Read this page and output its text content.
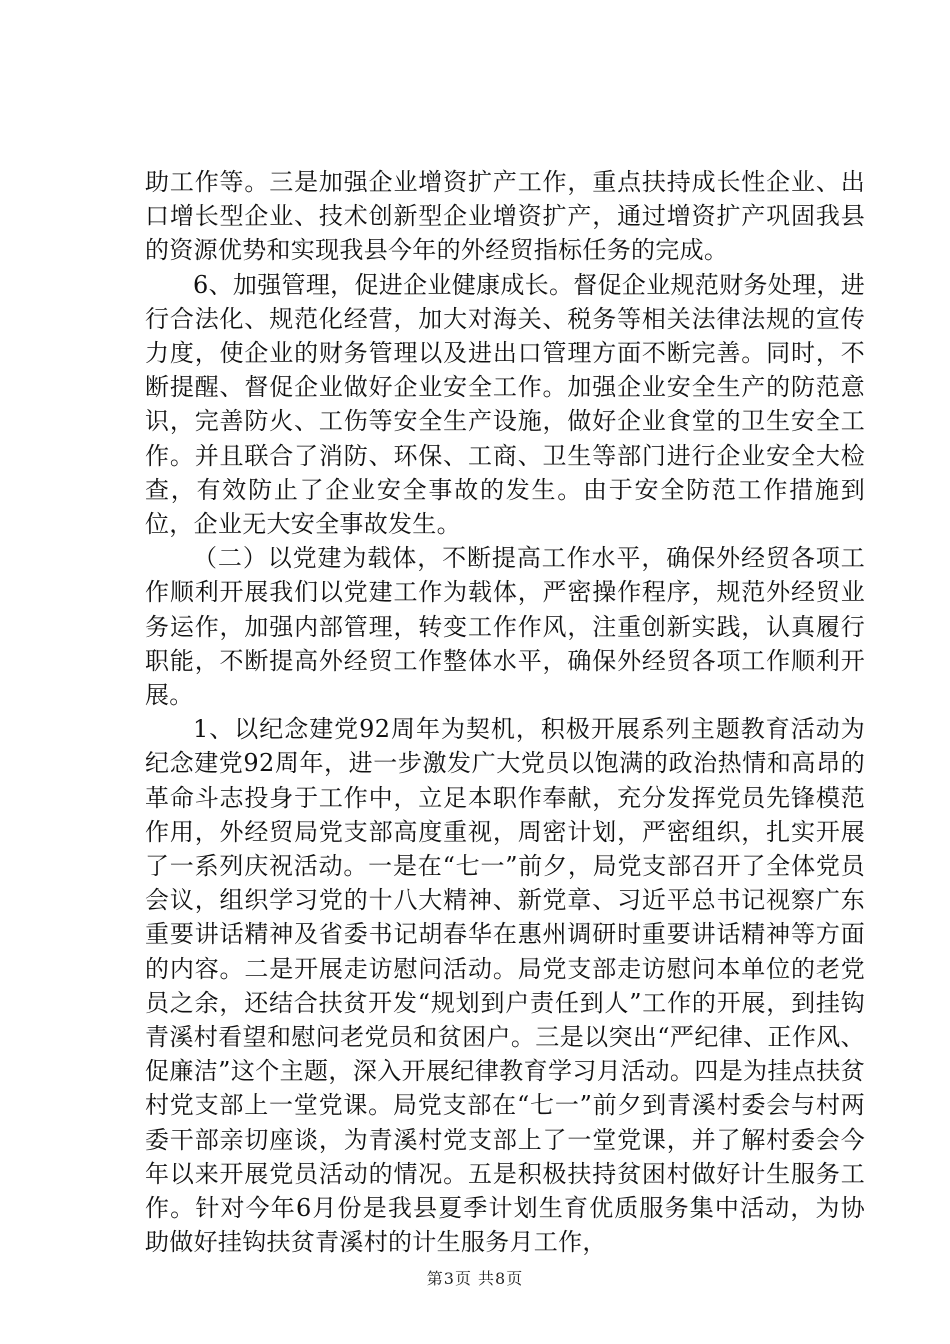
助工作等。三是加强企业增资扩产工作，重点扶持成长性企业、出口增长型企业、技术创新型企业增资扩产，通过增资扩产巩固我县的资源优势和实现我县今年的外经贸指标任务的完成。

6、加强管理，促进企业健康成长。督促企业规范财务处理，进行合法化、规范化经营，加大对海关、税务等相关法律法规的宣传力度，使企业的财务管理以及进出口管理方面不断完善。同时，不断提醒、督促企业做好企业安全工作。加强企业安全生产的防范意识，完善防火、工伤等安全生产设施，做好企业食堂的卫生安全工作。并且联合了消防、环保、工商、卫生等部门进行企业安全大检查，有效防止了企业安全事故的发生。由于安全防范工作措施到位，企业无大安全事故发生。

（二）以党建为载体，不断提高工作水平，确保外经贸各项工作顺利开展我们以党建工作为载体，严密操作程序，规范外经贸业务运作，加强内部管理，转变工作作风，注重创新实践，认真履行职能，不断提高外经贸工作整体水平，确保外经贸各项工作顺利开展。

1、以纪念建党92周年为契机，积极开展系列主题教育活动为纪念建党92周年，进一步激发广大党员以饱满的政治热情和高昂的革命斗志投身于工作中，立足本职作奉献，充分发挥党员先锋模范作用，外经贸局党支部高度重视，周密计划，严密组织，扎实开展了一系列庆祝活动。一是在“七一”前夕，局党支部召开了全体党员会议，组织学习党的十八大精神、新党章、习近平总书记视察广东重要讲话精神及省委书记胡春华在惠州调研时重要讲话精神等方面的内容。二是开展走访慰问活动。局党支部走访慰问本单位的老党员之余，还结合扶贫开发“规划到户责任到人”工作的开展，到挂钩青溪村看望和慰问老党员和贫困户。三是以突出“严纪律、正作风、促廉洁”这个主题，深入开展纪律教育学习月活动。四是为挂点扶贫村党支部上一堂党课。局党支部在“七一”前夕到青溪村委会与村两委干部亲切座谈，为青溪村党支部上了一堂党课，并了解村委会今年以来开展党员活动的情况。五是积极扶持贫困村做好计生服务工作。针对今年6月份是我县夏季计划生育优质服务集中活动，为协助做好挂钩扶贫青溪村的计生服务月工作，

第3页 共8页
